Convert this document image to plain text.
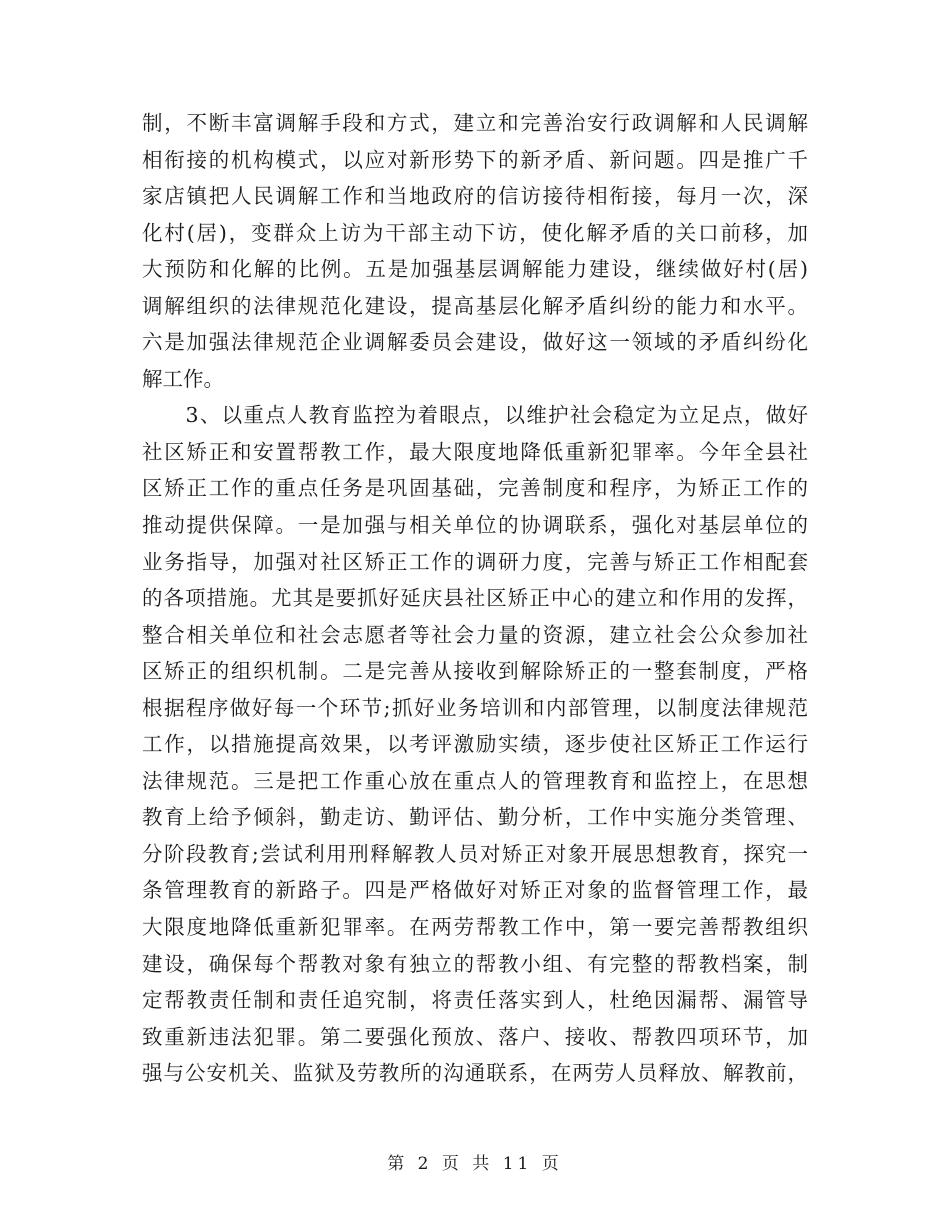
制，不断丰富调解手段和方式，建立和完善治安行政调解和人民调解
相衔接的机构模式，以应对新形势下的新矛盾、新问题。四是推广千
家店镇把人民调解工作和当地政府的信访接待相衔接，每月一次，深
化村(居)，变群众上访为干部主动下访，使化解矛盾的关口前移，加
大预防和化解的比例。五是加强基层调解能力建设，继续做好村(居)
调解组织的法律规范化建设，提高基层化解矛盾纠纷的能力和水平。
六是加强法律规范企业调解委员会建设，做好这一领域的矛盾纠纷化
解工作。
　　3、以重点人教育监控为着眼点，以维护社会稳定为立足点，做好
社区矫正和安置帮教工作，最大限度地降低重新犯罪率。今年全县社
区矫正工作的重点任务是巩固基础，完善制度和程序，为矫正工作的
推动提供保障。一是加强与相关单位的协调联系，强化对基层单位的
业务指导，加强对社区矫正工作的调研力度，完善与矫正工作相配套
的各项措施。尤其是要抓好延庆县社区矫正中心的建立和作用的发挥，
整合相关单位和社会志愿者等社会力量的资源，建立社会公众参加社
区矫正的组织机制。二是完善从接收到解除矫正的一整套制度，严格
根据程序做好每一个环节;抓好业务培训和内部管理，以制度法律规范
工作，以措施提高效果，以考评激励实绩，逐步使社区矫正工作运行
法律规范。三是把工作重心放在重点人的管理教育和监控上，在思想
教育上给予倾斜，勤走访、勤评估、勤分析，工作中实施分类管理、
分阶段教育;尝试利用刑释解教人员对矫正对象开展思想教育，探究一
条管理教育的新路子。四是严格做好对矫正对象的监督管理工作，最
大限度地降低重新犯罪率。在两劳帮教工作中，第一要完善帮教组织
建设，确保每个帮教对象有独立的帮教小组、有完整的帮教档案，制
定帮教责任制和责任追究制，将责任落实到人，杜绝因漏帮、漏管导
致重新违法犯罪。第二要强化预放、落户、接收、帮教四项环节，加
强与公安机关、监狱及劳教所的沟通联系，在两劳人员释放、解教前，
第 2 页 共 11 页
